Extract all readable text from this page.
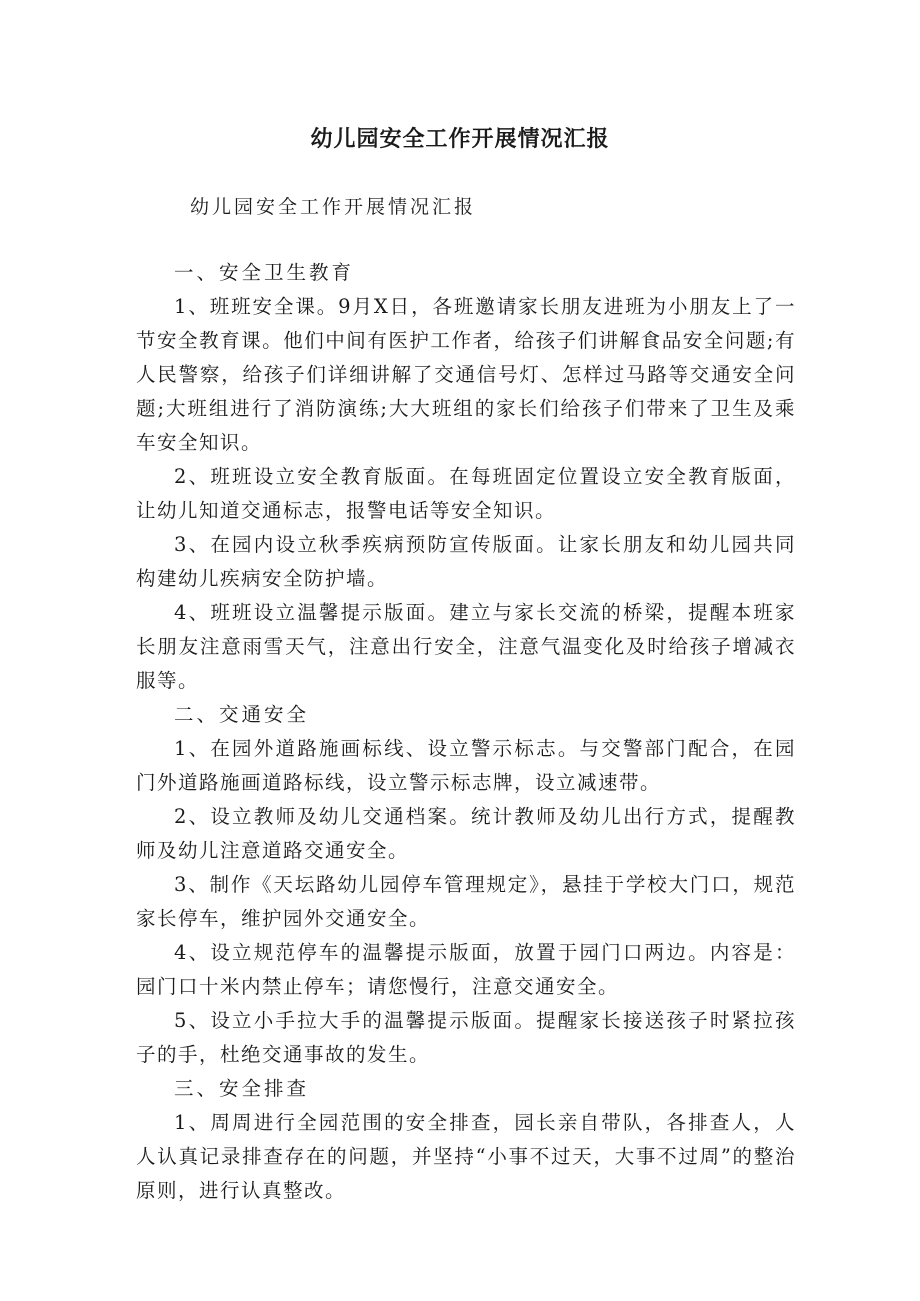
幼儿园安全工作开展情况汇报

幼儿园安全工作开展情况汇报

一、安全卫生教育

1、班班安全课。9月X日，各班邀请家长朋友进班为小朋友上了一节安全教育课。他们中间有医护工作者，给孩子们讲解食品安全问题;有人民警察，给孩子们详细讲解了交通信号灯、怎样过马路等交通安全问题;大班组进行了消防演练;大大班组的家长们给孩子们带来了卫生及乘车安全知识。

2、班班设立安全教育版面。在每班固定位置设立安全教育版面，让幼儿知道交通标志，报警电话等安全知识。

3、在园内设立秋季疾病预防宣传版面。让家长朋友和幼儿园共同构建幼儿疾病安全防护墙。

4、班班设立温馨提示版面。建立与家长交流的桥梁，提醒本班家长朋友注意雨雪天气，注意出行安全，注意气温变化及时给孩子增减衣服等。

二、交通安全

1、在园外道路施画标线、设立警示标志。与交警部门配合，在园门外道路施画道路标线，设立警示标志牌，设立减速带。

2、设立教师及幼儿交通档案。统计教师及幼儿出行方式，提醒教师及幼儿注意道路交通安全。

3、制作《天坛路幼儿园停车管理规定》，悬挂于学校大门口，规范家长停车，维护园外交通安全。

4、设立规范停车的温馨提示版面，放置于园门口两边。内容是：园门口十米内禁止停车；请您慢行，注意交通安全。

5、设立小手拉大手的温馨提示版面。提醒家长接送孩子时紧拉孩子的手，杜绝交通事故的发生。

三、安全排查

1、周周进行全园范围的安全排查，园长亲自带队，各排查人，人人认真记录排查存在的问题，并坚持“小事不过天，大事不过周”的整治原则，进行认真整改。
